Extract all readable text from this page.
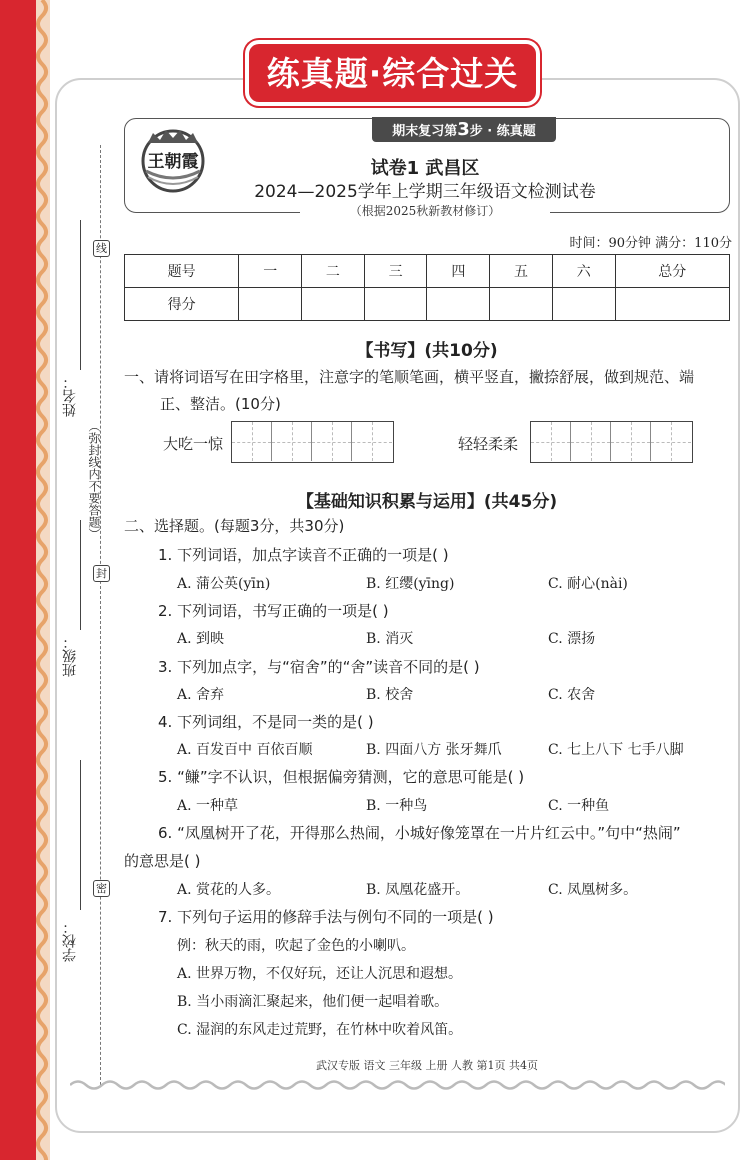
练真题·综合过关
线
封
密
（弥封线内不要答题）
姓名：
班级：
学校：
期末复习第3步 · 练真题
王朝霞	试卷1 武昌区
2024—2025学年上学期三年级语文检测试卷
（根据2025秋新教材修订）
时间：90分钟 满分：110分
题号	一	二	三	四	五	六	总分
得分							
【书写】(共10分)
一、请将词语写在田字格里，注意字的笔顺笔画，横平竖直，撇捺舒展，做到规范、端
正、整洁。(10分)
大吃一惊	轻轻柔柔
【基础知识积累与运用】(共45分)
二、选择题。(每题3分，共30分)
1. 下列词语，加点字读音不正确的一项是( )
A. 蒲公英(yīn)	B. 红缨(yīng)	C. 耐心(nài)
2. 下列词语，书写正确的一项是( )
A. 到映	B. 消灭	C. 漂扬
3. 下列加点字，与“宿舍”的“舍”读音不同的是( )
A. 舍弃	B. 校舍	C. 农舍
4. 下列词组，不是同一类的是( )
A. 百发百中 百依百顺	B. 四面八方 张牙舞爪	C. 七上八下 七手八脚
5. “鳒”字不认识，但根据偏旁猜测，它的意思可能是( )
A. 一种草	B. 一种鸟	C. 一种鱼
6. “凤凰树开了花，开得那么热闹，小城好像笼罩在一片片红云中。”句中“热闹”
的意思是( )
A. 赏花的人多。	B. 凤凰花盛开。	C. 凤凰树多。
7. 下列句子运用的修辞手法与例句不同的一项是( )
例：秋天的雨，吹起了金色的小喇叭。
A. 世界万物，不仅好玩，还让人沉思和遐想。
B. 当小雨滴汇聚起来，他们便一起唱着歌。
C. 湿润的东风走过荒野，在竹林中吹着风笛。
武汉专版 语文 三年级 上册 人教 第1页 共4页
